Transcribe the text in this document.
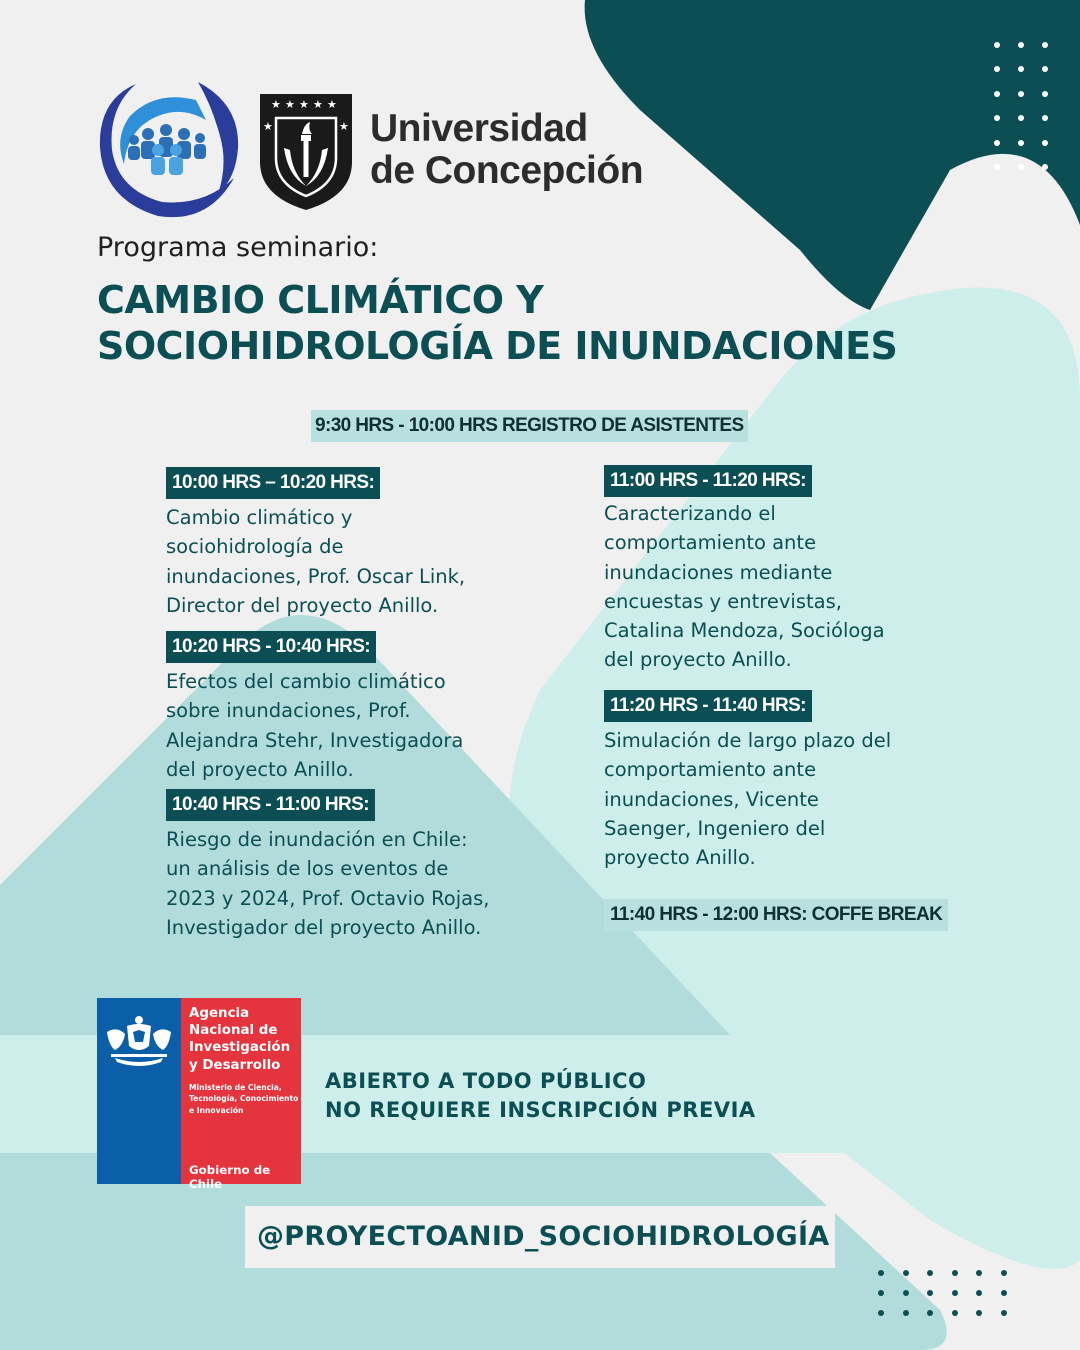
★ ★ ★ ★ ★
★	★ Universidad
de Concepción
Programa seminario:
CAMBIO CLIMÁTICO Y
SOCIOHIDROLOGÍA DE INUNDACIONES
9:30 HRS - 10:00 HRS REGISTRO DE ASISTENTES
10:00 HRS – 10:20 HRS:
Cambio climático y
sociohidrología de
inundaciones, Prof. Oscar Link,
Director del proyecto Anillo.
10:20 HRS - 10:40 HRS:
Efectos del cambio climático
sobre inundaciones, Prof.
Alejandra Stehr, Investigadora
del proyecto Anillo.
10:40 HRS - 11:00 HRS:
Riesgo de inundación en Chile:
un análisis de los eventos de
2023 y 2024, Prof. Octavio Rojas,
Investigador del proyecto Anillo.
11:00 HRS - 11:20 HRS:
Caracterizando el
comportamiento ante
inundaciones mediante
encuestas y entrevistas,
Catalina Mendoza, Socióloga
del proyecto Anillo.
11:20 HRS - 11:40 HRS:
Simulación de largo plazo del
comportamiento ante
inundaciones, Vicente
Saenger, Ingeniero del
proyecto Anillo.
11:40 HRS - 12:00 HRS: COFFE BREAK
Agencia
Nacional de
Investigación
y Desarrollo
Ministerio de Ciencia,
Tecnología, Conocimiento
e Innovación
Gobierno de Chile
ABIERTO A TODO PÚBLICO
NO REQUIERE INSCRIPCIÓN PREVIA
@PROYECTOANID_SOCIOHIDROLOGÍA
